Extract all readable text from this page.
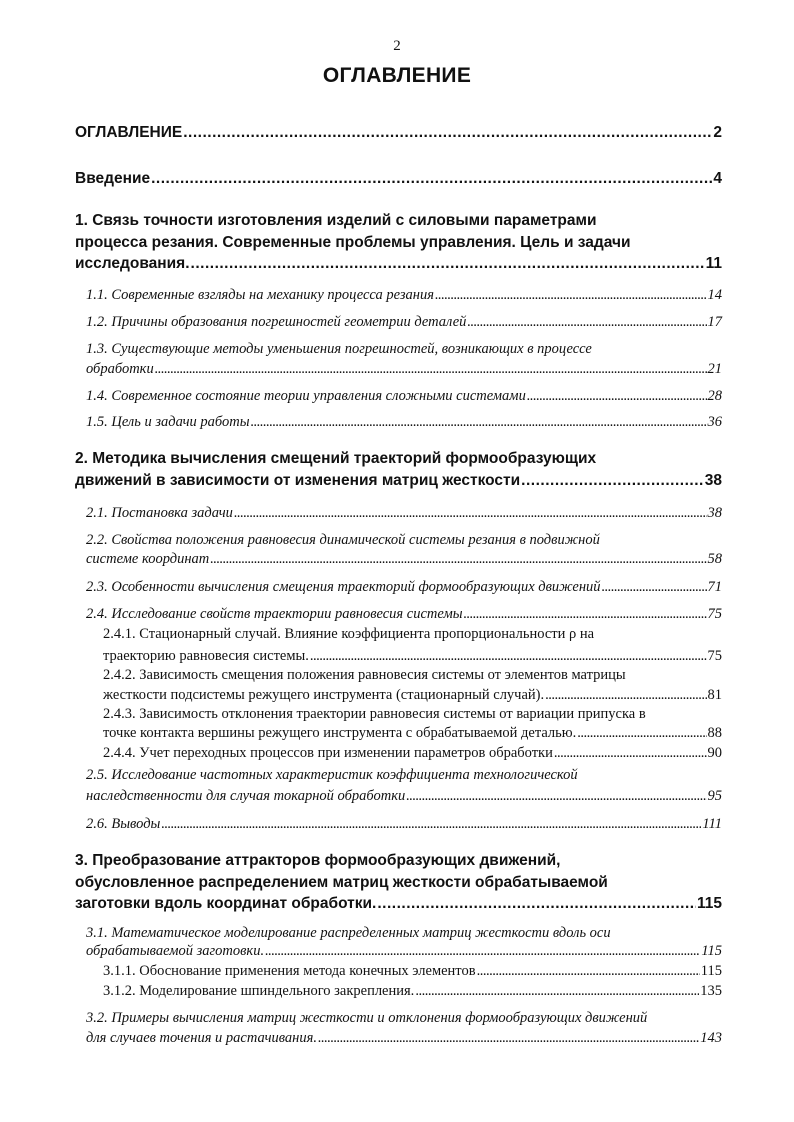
2
ОГЛАВЛЕНИЕ
ОГЛАВЛЕНИЕ .....	2
Введение .....	4
1. Связь точности изготовления изделий с силовыми параметрами
процесса резания. Современные проблемы управления. Цель и задачи
исследования. .....	11
1.1. Современные взгляды на механику процесса резания .....	14
1.2. Причины образования погрешностей геометрии деталей .....	17
1.3. Существующие методы уменьшения погрешностей, возникающих в процессе
обработки .....	21
1.4. Современное состояние теории управления сложными системами .....	28
1.5. Цель и задачи работы .....	36
2. Методика вычисления смещений траекторий формообразующих
движений в зависимости от изменения матриц жесткости .....	38
2.1. Постановка задачи .....	38
2.2. Свойства положения равновесия динамической системы резания в подвижной
системе координат .....	58
2.3. Особенности вычисления смещения траекторий формообразующих движений .....	71
2.4. Исследование свойств траектории равновесия системы .....	75
2.4.1. Стационарный случай. Влияние коэффициента пропорциональности ρ на
траекторию равновесия системы. .....	75
2.4.2. Зависимость смещения положения равновесия системы от элементов матрицы
жесткости подсистемы режущего инструмента (стационарный случай). .....	81
2.4.3. Зависимость отклонения траектории равновесия системы от вариации припуска в
точке контакта вершины режущего инструмента с обрабатываемой деталью. .....	88
2.4.4. Учет переходных процессов при изменении параметров обработки .....	90
2.5. Исследование частотных характеристик коэффициента технологической
наследственности для случая токарной обработки .....	95
2.6. Выводы .....	111
3. Преобразование аттракторов формообразующих движений,
обусловленное распределением матриц жесткости обрабатываемой
заготовки вдоль координат обработки. .....	115
3.1. Математическое моделирование распределенных матриц жесткости вдоль оси
обрабатываемой заготовки. .....	115
3.1.1. Обоснование применения метода конечных элементов .....	115
3.1.2. Моделирование шпиндельного закрепления. .....	135
3.2. Примеры вычисления матриц жесткости и отклонения формообразующих движений
для случаев точения и растачивания. .....	143
